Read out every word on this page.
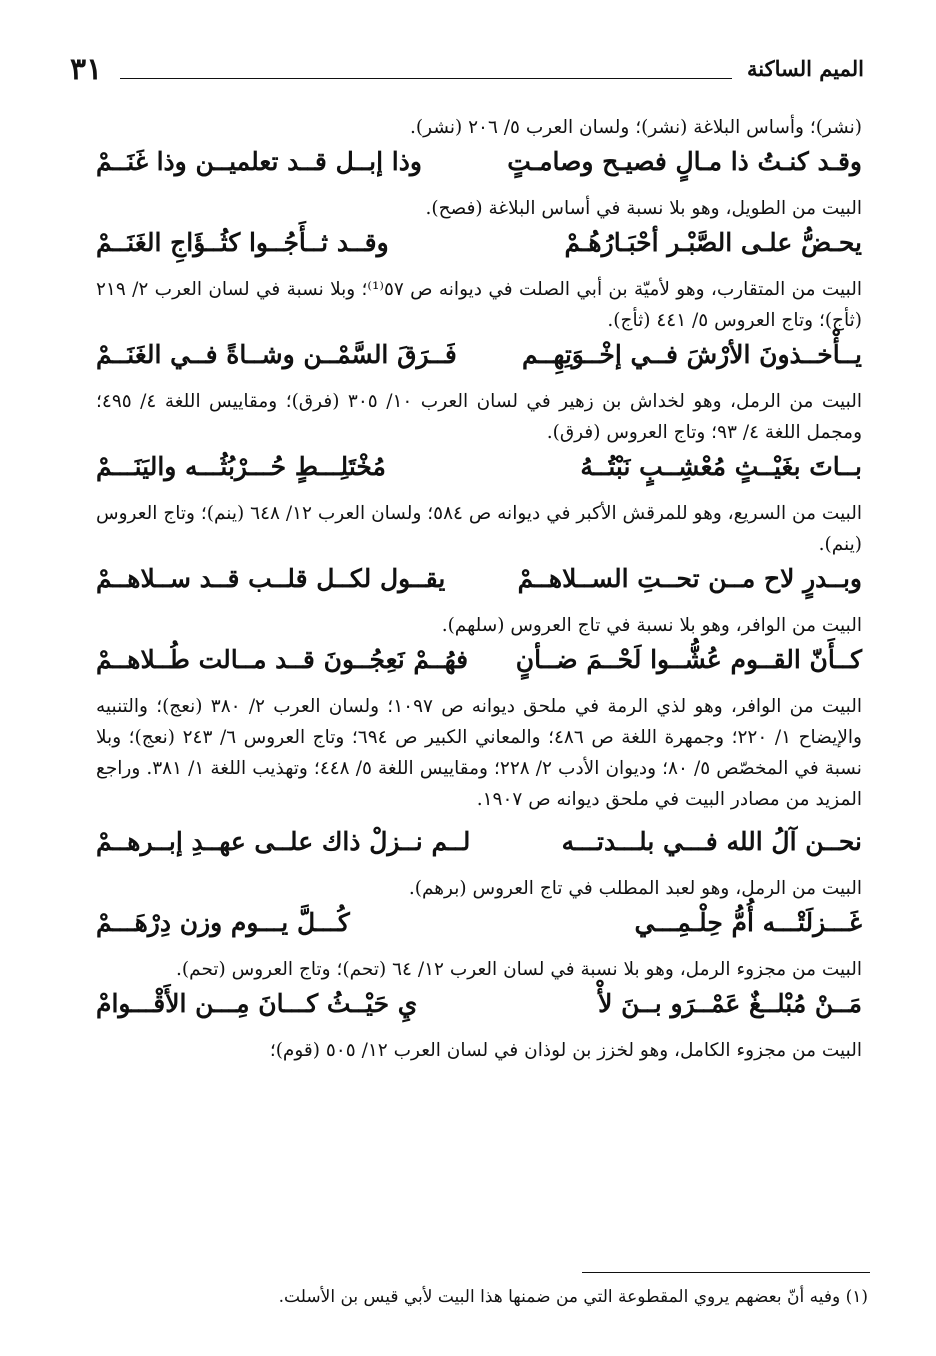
٣١	الميم الساكنة

(نشر)؛ وأساس البلاغة (نشر)؛ ولسان العرب ٥/ ٢٠٦ (نشر).

وقـد كنـتُ ذا مـالٍ فصيـح وصامـتٍ
وذا إبــل قــد تعلميــن وذا غَنَــمْ

البيت من الطويل، وهو بلا نسبة في أساس البلاغة (فصح).

يحـضُّ علـى الصَّبْـر أحْبَـارُهُـمْ
وقــد ثــأَجُــوا كثُــؤَاجِ الغَنَــمْ

البيت من المتقارب، وهو لأميّة بن أبي الصلت في ديوانه ص ٥٧⁽¹⁾؛ وبلا نسبة في لسان العرب ٢/ ٢١٩ (ثأج)؛ وتاج العروس ٥/ ٤٤١ (ثأج).

يــأْخــذونَ الأرْشَ فــي إخْــوَتِهِــم
فَــرَقَ السَّمْــن وشــاةً فــي الغَنَــمْ

البيت من الرمل، وهو لخداش بن زهير في لسان العرب ١٠/ ٣٠٥ (فرق)؛ ومقاييس اللغة ٤/ ٤٩٥؛ ومجمل اللغة ٤/ ٩٣؛ وتاج العروس (فرق).

بــاتَ بغَيْــثٍ مُعْشِــبٍ نَبْتُــهُ
مُخْتَلِـــطٍ حُـــرْبُثُـــه واليَنَـــمْ

البيت من السريع، وهو للمرقش الأكبر في ديوانه ص ٥٨٤؛ ولسان العرب ١٢/ ٦٤٨ (ينم)؛ وتاج العروس (ينم).

وبــدرٍ لاح مــن تحــتِ الســلاهــمْ
يقــول لكــل قلــب قــد ســلاهــمْ

البيت من الوافر، وهو بلا نسبة في تاج العروس (سلهم).

كــأَنّ القــوم عُشُّــوا لَحْــمَ ضــأنٍ
فهُــمْ نَعِجُــونَ قــد مــالت طُــلاهــمْ

البيت من الوافر، وهو لذي الرمة في ملحق ديوانه ص ١٠٩٧؛ ولسان العرب ٢/ ٣٨٠ (نعج)؛ والتنبيه والإيضاح ١/ ٢٢٠؛ وجمهرة اللغة ص ٤٨٦؛ والمعاني الكبير ص ٦٩٤؛ وتاج العروس ٦/ ٢٤٣ (نعج)؛ وبلا نسبة في المخصّص ٥/ ٨٠؛ وديوان الأدب ٢/ ٢٢٨؛ ومقاييس اللغة ٥/ ٤٤٨؛ وتهذيب اللغة ١/ ٣٨١. وراجع المزيد من مصادر البيت في ملحق ديوانه ص ١٩٠٧.

نحــن آلُ الله فـــي بلـــدتـــه
لــم نــزلْ ذاك علــى عهــدِ إبــرهــمْ

البيت من الرمل، وهو لعبد المطلب في تاج العروس (برهم).

غَـــزلَتْـــه أُمُّ حِلْـمِـــي
كُـــلَّ يـــوم وزن دِرْهَـــمْ

البيت من مجزوء الرمل، وهو بلا نسبة في لسان العرب ١٢/ ٦٤ (تحم)؛ وتاج العروس (تحم).

مَــنْ مُبْلــغٌ عَمْــرَو بــنَ لأْ
يِ حَيْــثُ كـــانَ مِـــن الأَقْـــوامْ

البيت من مجزوء الكامل، وهو لخزز بن لوذان في لسان العرب ١٢/ ٥٠٥ (قوم)؛

(١) وفيه أنّ بعضهم يروي المقطوعة التي من ضمنها هذا البيت لأبي قيس بن الأسلت.
